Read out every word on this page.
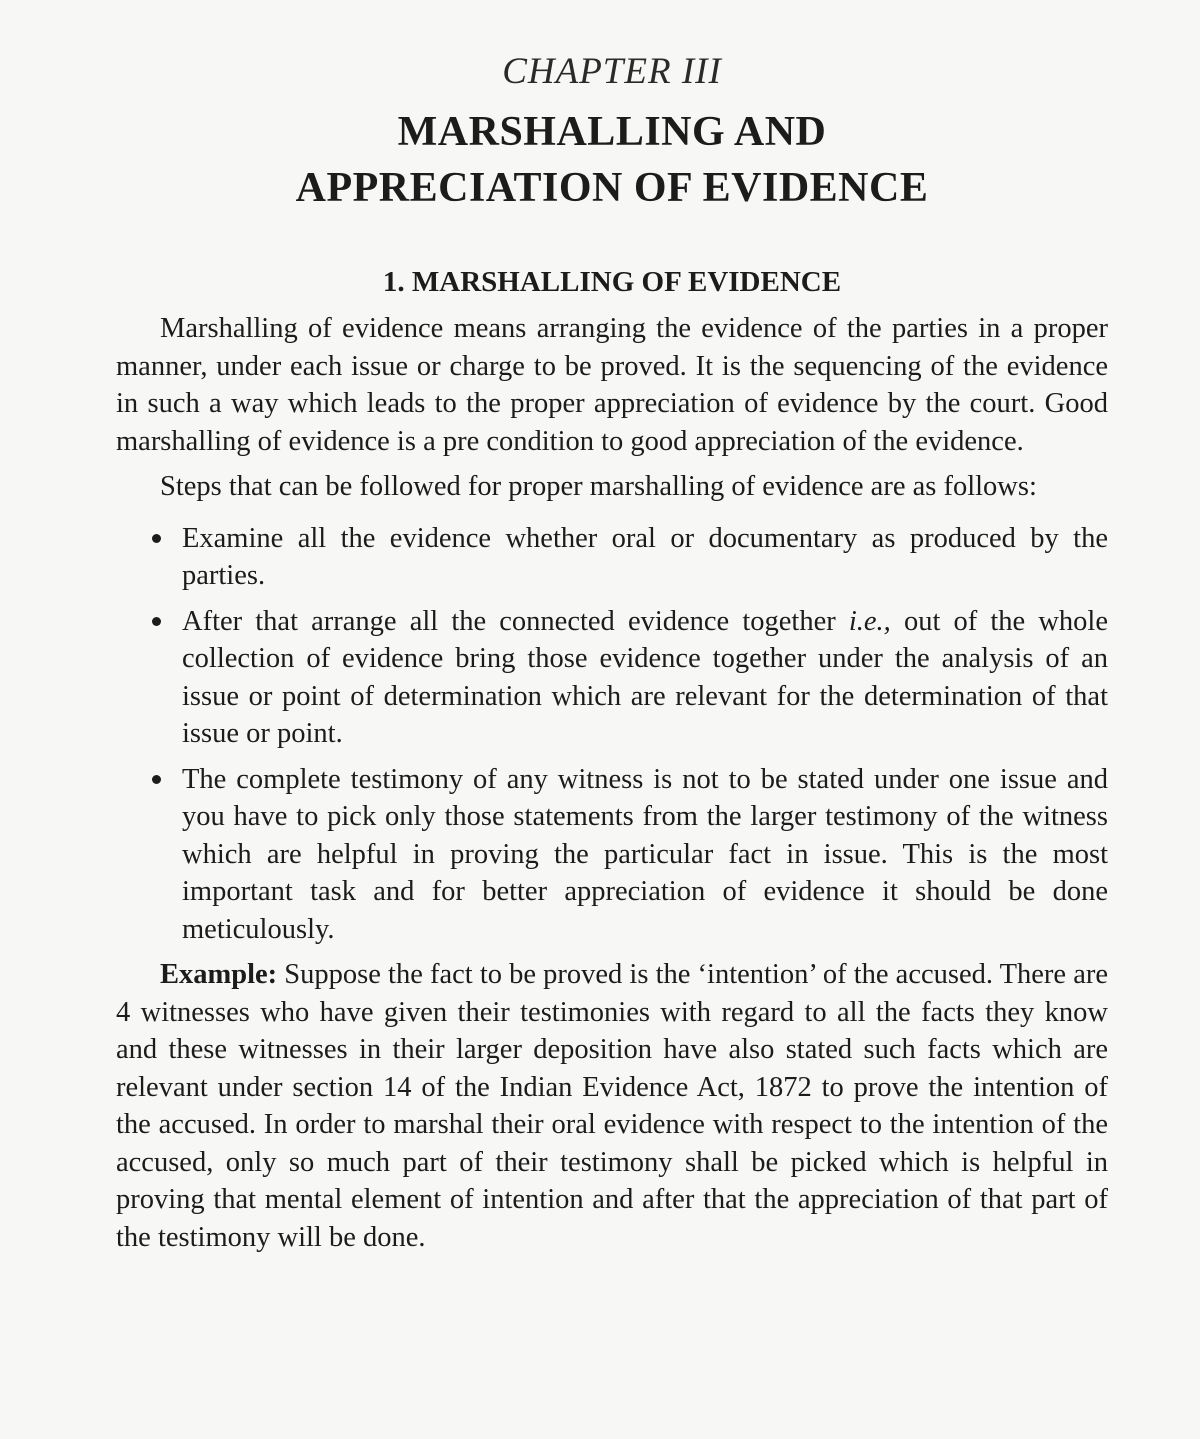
CHAPTER III
MARSHALLING AND
APPRECIATION OF EVIDENCE
1. MARSHALLING OF EVIDENCE

Marshalling of evidence means arranging the evidence of the parties in a proper manner, under each issue or charge to be proved. It is the sequencing of the evidence in such a way which leads to the proper appreciation of evidence by the court. Good marshalling of evidence is a pre condition to good appreciation of the evidence.

Steps that can be followed for proper marshalling of evidence are as follows:

Examine all the evidence whether oral or documentary as produced by the parties.
After that arrange all the connected evidence together i.e., out of the whole collection of evidence bring those evidence together under the analysis of an issue or point of determination which are relevant for the determination of that issue or point.
The complete testimony of any witness is not to be stated under one issue and you have to pick only those statements from the larger testimony of the witness which are helpful in proving the particular fact in issue. This is the most important task and for better appreciation of evidence it should be done meticulously.

Example: Suppose the fact to be proved is the ‘intention’ of the accused. There are 4 witnesses who have given their testimonies with regard to all the facts they know and these witnesses in their larger deposition have also stated such facts which are relevant under section 14 of the Indian Evidence Act, 1872 to prove the intention of the accused. In order to marshal their oral evidence with respect to the intention of the accused, only so much part of their testimony shall be picked which is helpful in proving that mental element of intention and after that the appreciation of that part of the testimony will be done.
